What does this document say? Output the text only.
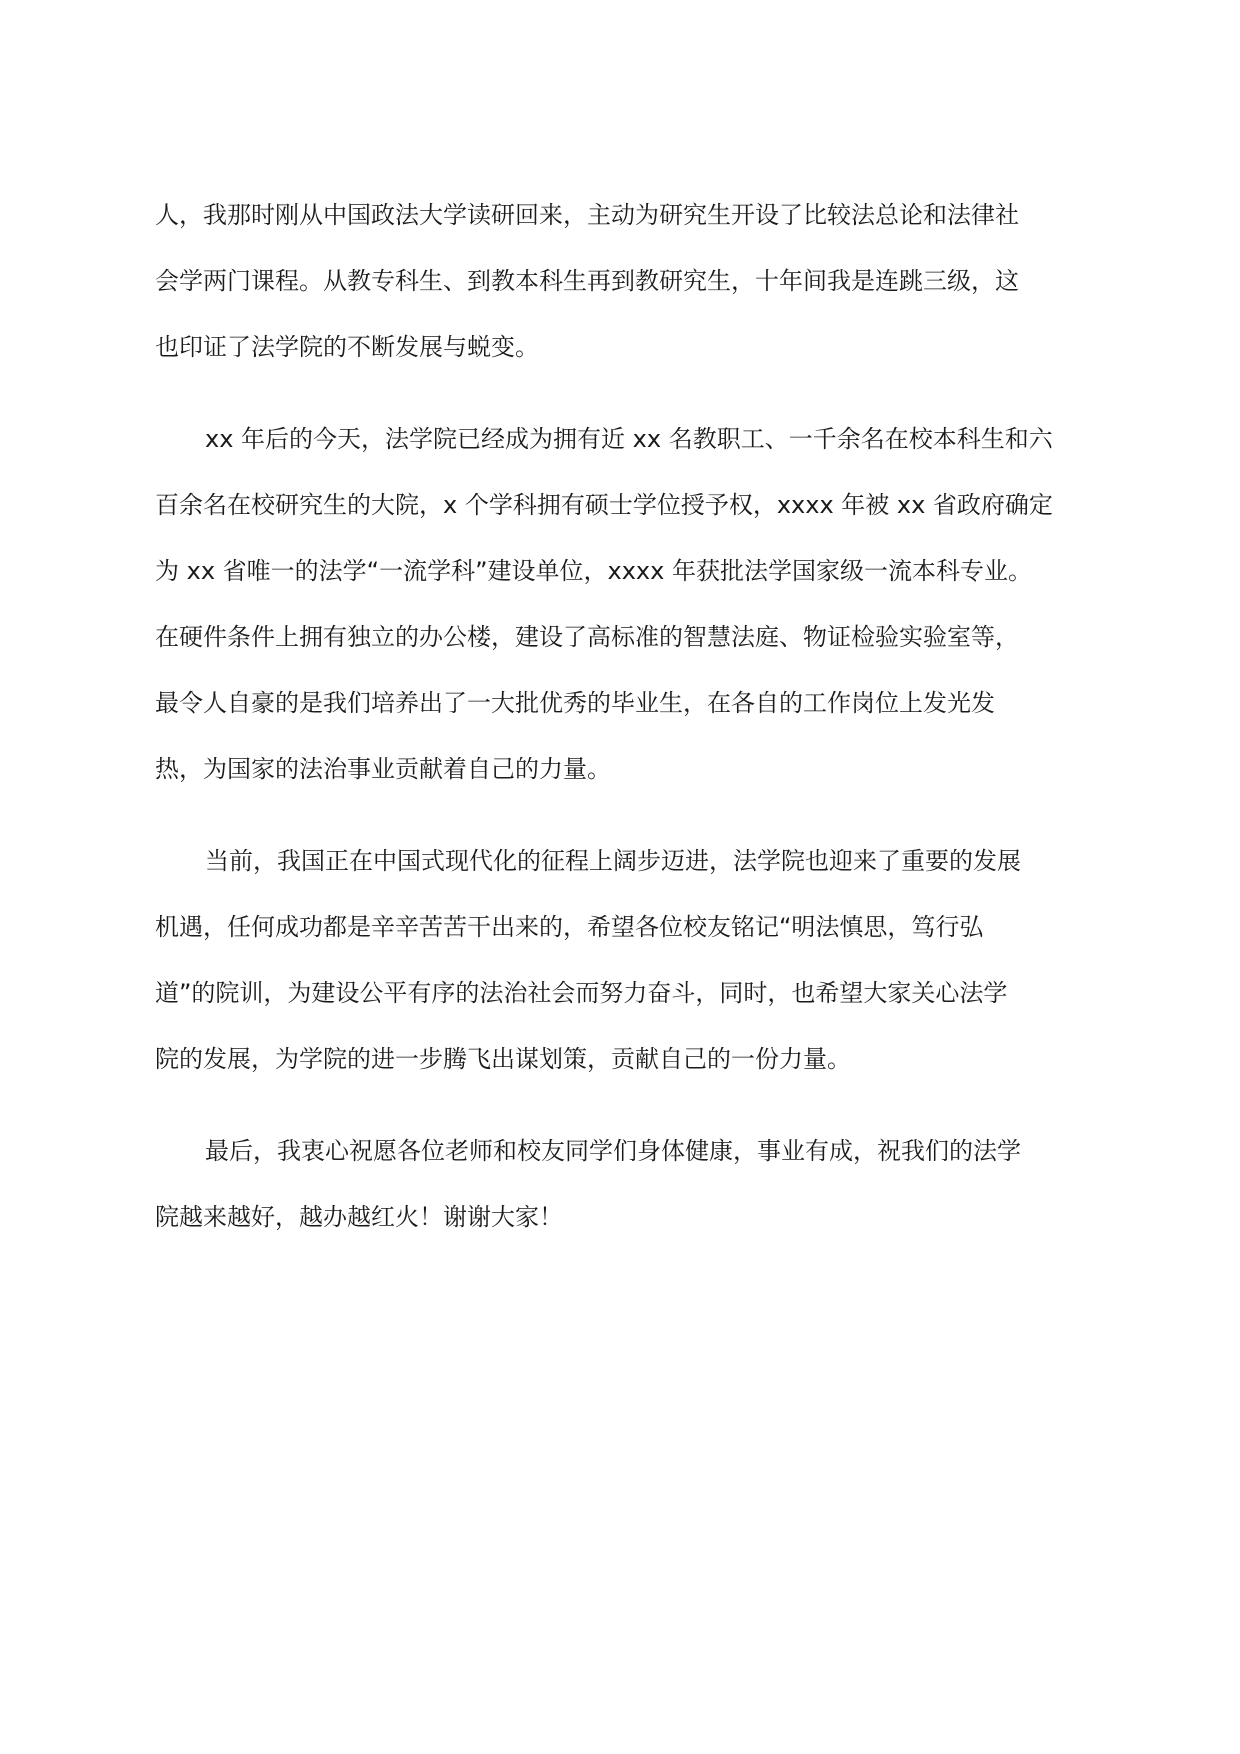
人，我那时刚从中国政法大学读研回来，主动为研究生开设了比较法总论和法律社
会学两门课程。从教专科生、到教本科生再到教研究生，十年间我是连跳三级，这
也印证了法学院的不断发展与蜕变。
xx 年后的今天，法学院已经成为拥有近 xx 名教职工、一千余名在校本科生和六
百余名在校研究生的大院，x 个学科拥有硕士学位授予权，xxxx 年被 xx 省政府确定
为 xx 省唯一的法学“一流学科”建设单位，xxxx 年获批法学国家级一流本科专业。
在硬件条件上拥有独立的办公楼，建设了高标准的智慧法庭、物证检验实验室等，
最令人自豪的是我们培养出了一大批优秀的毕业生，在各自的工作岗位上发光发
热，为国家的法治事业贡献着自己的力量。
当前，我国正在中国式现代化的征程上阔步迈进，法学院也迎来了重要的发展
机遇，任何成功都是辛辛苦苦干出来的，希望各位校友铭记“明法慎思，笃行弘
道”的院训，为建设公平有序的法治社会而努力奋斗，同时，也希望大家关心法学
院的发展，为学院的进一步腾飞出谋划策，贡献自己的一份力量。
最后，我衷心祝愿各位老师和校友同学们身体健康，事业有成，祝我们的法学
院越来越好，越办越红火！谢谢大家！
